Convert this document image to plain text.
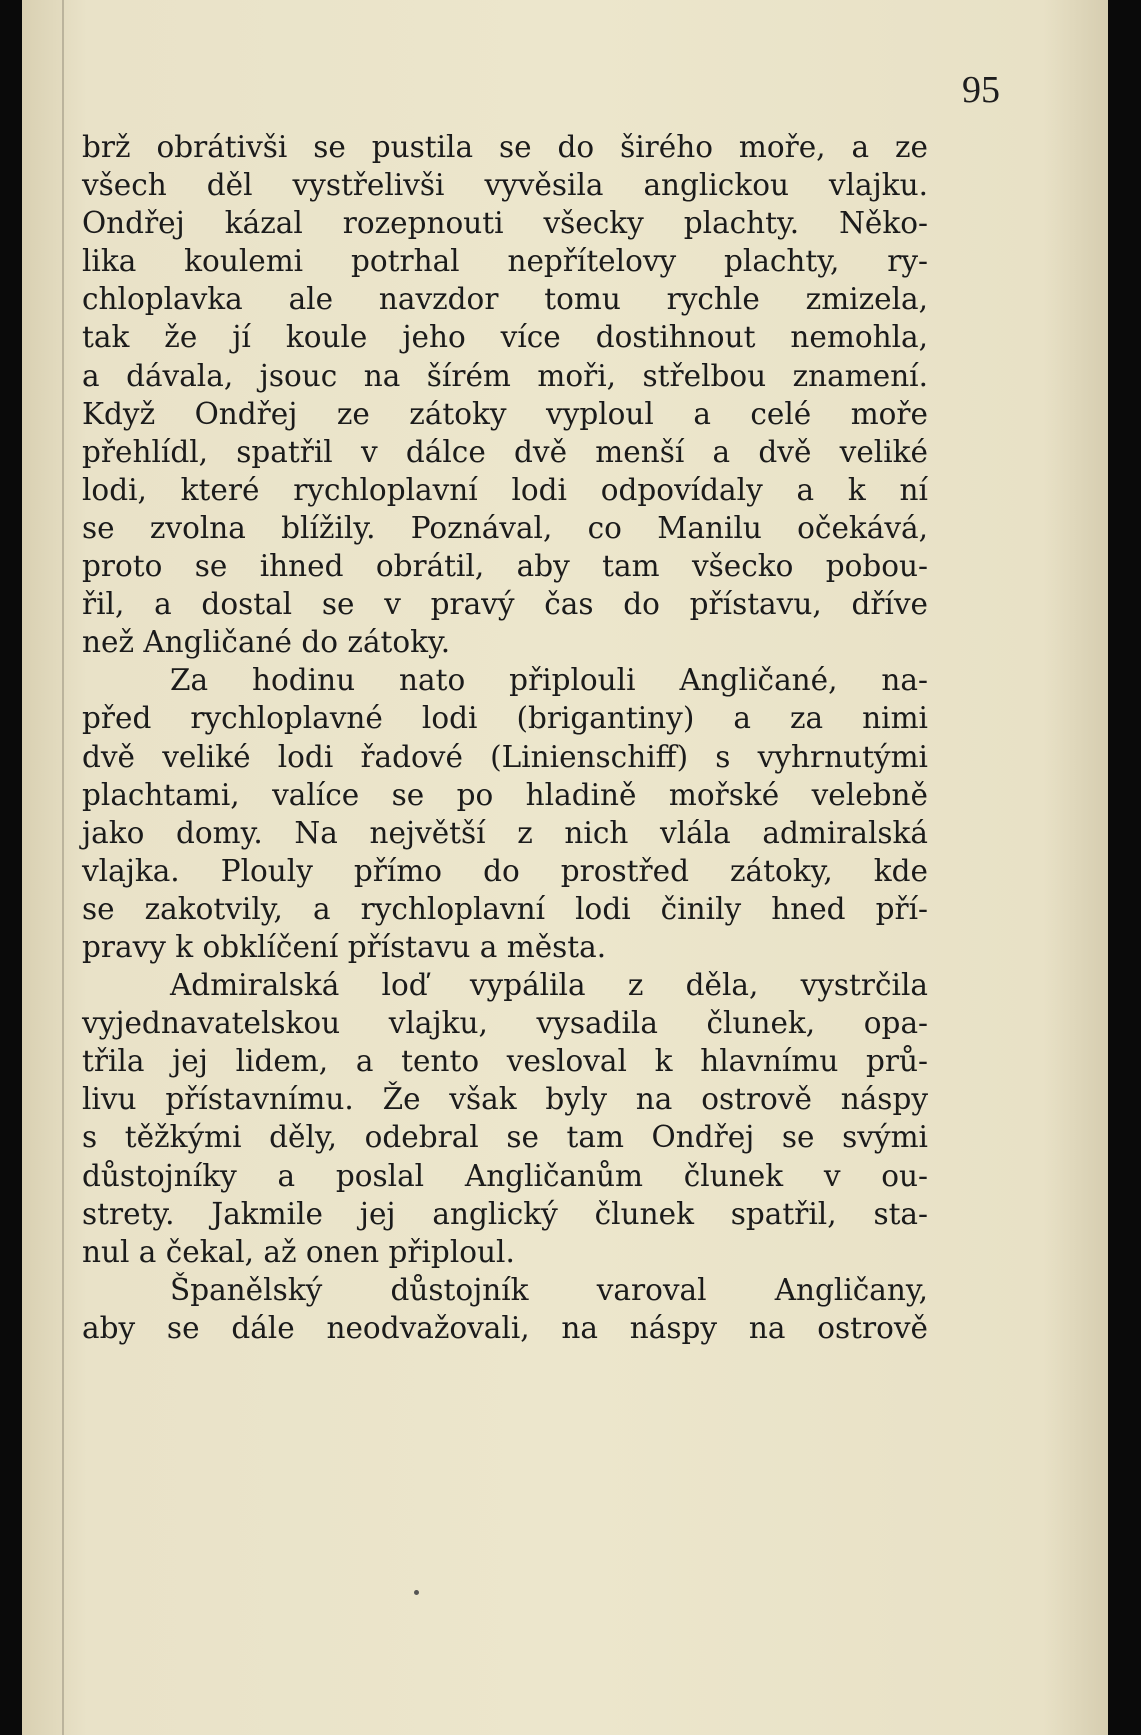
95
brž obrátivši se pustila se do širého moře, a ze
všech děl vystřelivši vyvěsila anglickou vlajku.
Ondřej kázal rozepnouti všecky plachty. Něko-
lika koulemi potrhal nepřítelovy plachty, ry-
chloplavka ale navzdor tomu rychle zmizela,
tak že jí koule jeho více dostihnout nemohla,
a dávala, jsouc na šírém moři, střelbou znamení.
Když Ondřej ze zátoky vyploul a celé moře
přehlídl, spatřil v dálce dvě menší a dvě veliké
lodi, které rychloplavní lodi odpovídaly a k ní
se zvolna blížily. Poznával, co Manilu očekává,
proto se ihned obrátil, aby tam všecko pobou-
řil, a dostal se v pravý čas do přístavu, dříve
než Angličané do zátoky.
Za hodinu nato připlouli Angličané, na-
před rychloplavné lodi (brigantiny) a za nimi
dvě veliké lodi řadové (Linienschiff) s vyhrnutými
plachtami, valíce se po hladině mořské velebně
jako domy. Na největší z nich vlála admiralská
vlajka. Plouly přímo do prostřed zátoky, kde
se zakotvily, a rychloplavní lodi činily hned pří-
pravy k obklíčení přístavu a města.
Admiralská loď vypálila z děla, vystrčila
vyjednavatelskou vlajku, vysadila člunek, opa-
třila jej lidem, a tento vesloval k hlavnímu prů-
livu přístavnímu. Že však byly na ostrově náspy
s těžkými děly, odebral se tam Ondřej se svými
důstojníky a poslal Angličanům člunek v ou-
strety. Jakmile jej anglický člunek spatřil, sta-
nul a čekal, až onen připloul.
Španělský důstojník varoval Angličany,
aby se dále neodvažovali, na náspy na ostrově
